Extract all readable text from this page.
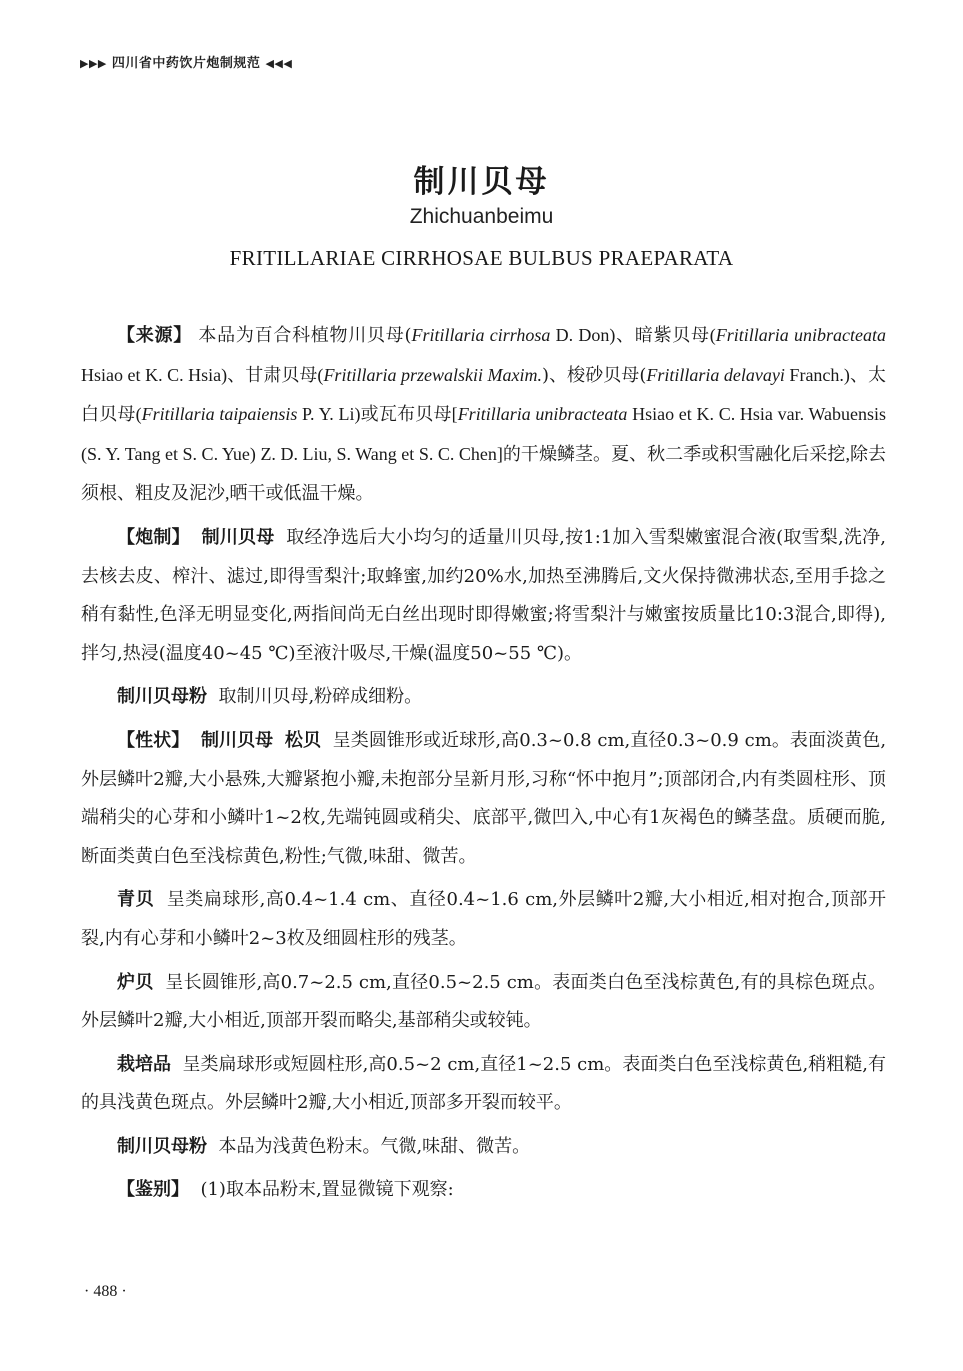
▶▶▶ 四川省中药饮片炮制规范 ◀◀◀
制川贝母
Zhichuanbeimu
FRITILLARIAE CIRRHOSAE BULBUS PRAEPARATA

【来源】 本品为百合科植物川贝母(Fritillaria cirrhosa D. Don)、暗紫贝母(Fritillaria unibracteata Hsiao et K. C. Hsia)、甘肃贝母(Fritillaria przewalskii Maxim.)、梭砂贝母(Fritillaria delavayi Franch.)、太白贝母(Fritillaria taipaiensis P. Y. Li)或瓦布贝母[Fritillaria unibracteata Hsiao et K. C. Hsia var. Wabuensis (S. Y. Tang et S. C. Yue) Z. D. Liu, S. Wang et S. C. Chen]的干燥鳞茎。夏、秋二季或积雪融化后采挖,除去须根、粗皮及泥沙,晒干或低温干燥。

【炮制】 制川贝母 取经净选后大小均匀的适量川贝母,按1:1加入雪梨嫩蜜混合液(取雪梨,洗净,去核去皮、榨汁、滤过,即得雪梨汁;取蜂蜜,加约20%水,加热至沸腾后,文火保持微沸状态,至用手捻之稍有黏性,色泽无明显变化,两指间尚无白丝出现时即得嫩蜜;将雪梨汁与嫩蜜按质量比10:3混合,即得),拌匀,热浸(温度40~45 ℃)至液汁吸尽,干燥(温度50~55 ℃)。

制川贝母粉 取制川贝母,粉碎成细粉。

【性状】 制川贝母 松贝 呈类圆锥形或近球形,高0.3~0.8 cm,直径0.3~0.9 cm。表面淡黄色,外层鳞叶2瓣,大小悬殊,大瓣紧抱小瓣,未抱部分呈新月形,习称“怀中抱月”;顶部闭合,内有类圆柱形、顶端稍尖的心芽和小鳞叶1~2枚,先端钝圆或稍尖、底部平,微凹入,中心有1灰褐色的鳞茎盘。质硬而脆,断面类黄白色至浅棕黄色,粉性;气微,味甜、微苦。

青贝 呈类扁球形,高0.4~1.4 cm、直径0.4~1.6 cm,外层鳞叶2瓣,大小相近,相对抱合,顶部开裂,内有心芽和小鳞叶2~3枚及细圆柱形的残茎。

炉贝 呈长圆锥形,高0.7~2.5 cm,直径0.5~2.5 cm。表面类白色至浅棕黄色,有的具棕色斑点。外层鳞叶2瓣,大小相近,顶部开裂而略尖,基部稍尖或较钝。

栽培品 呈类扁球形或短圆柱形,高0.5~2 cm,直径1~2.5 cm。表面类白色至浅棕黄色,稍粗糙,有的具浅黄色斑点。外层鳞叶2瓣,大小相近,顶部多开裂而较平。

制川贝母粉 本品为浅黄色粉末。气微,味甜、微苦。

【鉴别】 (1)取本品粉末,置显微镜下观察:

· 488 ·
